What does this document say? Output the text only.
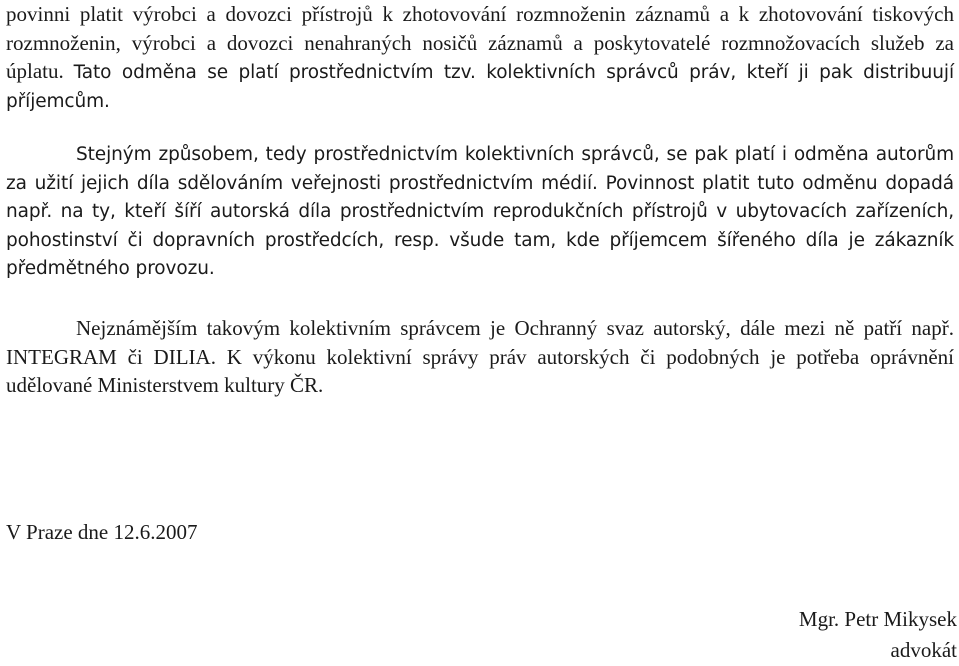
povinni platit výrobci a dovozci přístrojů k zhotovování rozmnoženin záznamů a k zhotovování tiskových rozmnoženin, výrobci a dovozci nenahraných nosičů záznamů a poskytovatelé rozmnožovacích služeb za úplatu. Tato odměna se platí prostřednictvím tzv. kolektivních správců práv, kteří ji pak distribuují příjemcům.

Stejným způsobem, tedy prostřednictvím kolektivních správců, se pak platí i odměna autorům za užití jejich díla sdělováním veřejnosti prostřednictvím médií. Povinnost platit tuto odměnu dopadá např. na ty, kteří šíří autorská díla prostřednictvím reprodukčních přístrojů v ubytovacích zařízeních, pohostinství či dopravních prostředcích, resp. všude tam, kde příjemcem šířeného díla je zákazník předmětného provozu.

Nejznámějším takovým kolektivním správcem je Ochranný svaz autorský, dále mezi ně patří např. INTEGRAM či DILIA. K výkonu kolektivní správy práv autorských či podobných je potřeba oprávnění udělované Ministerstvem kultury ČR.

V Praze dne 12.6.2007

Mgr. Petr Mikysek
advokát
